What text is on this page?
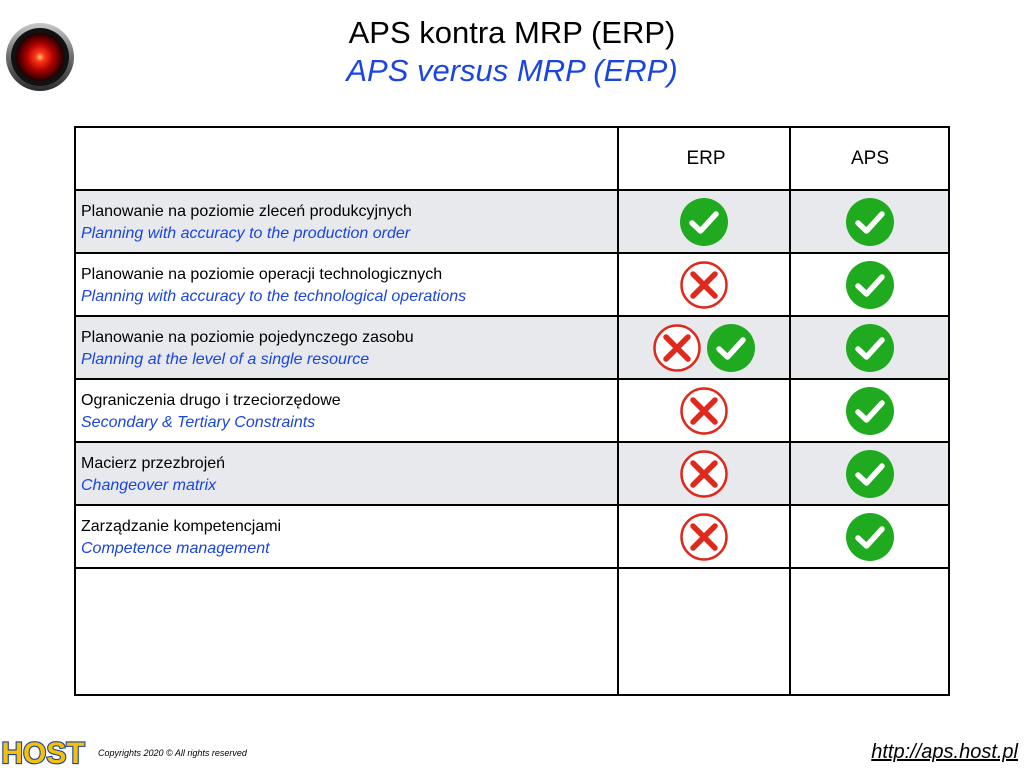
APS kontra MRP (ERP)
APS versus MRP (ERP)
ERP	APS
Planowanie na poziomie zleceń produkcyjnych
Planning with accuracy to the production order
Planowanie na poziomie operacji technologicznych
Planning with accuracy to the technological operations
Planowanie na poziomie pojedynczego zasobu
Planning at the level of a single resource
Ograniczenia drugo i trzeciorzędowe
Secondary & Tertiary Constraints
Macierz przezbrojeń
Changeover matrix
Zarządzanie kompetencjami
Competence management
HOST Copyrights 2020 © All rights reserved	http://aps.host.pl
